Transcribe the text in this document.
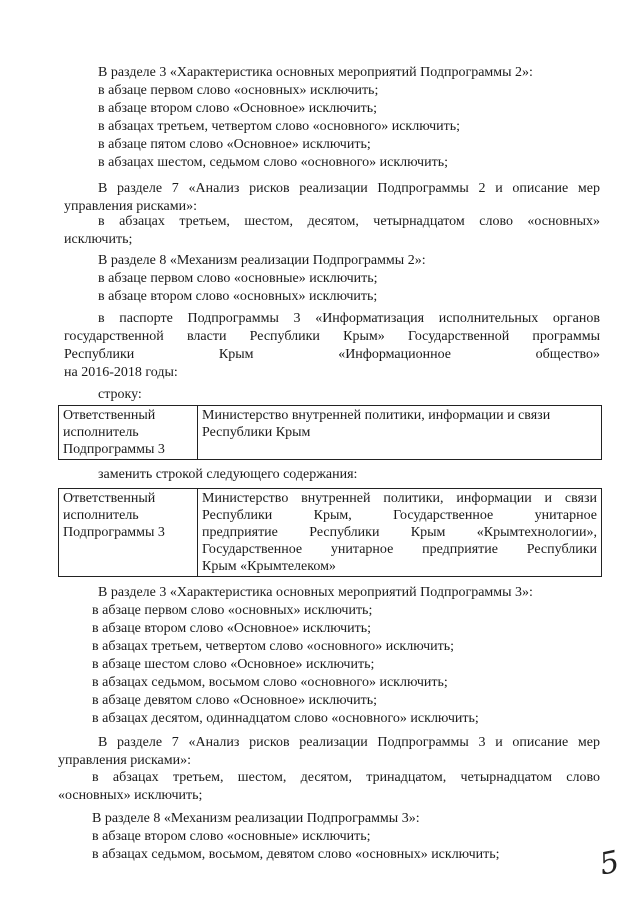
В разделе 3 «Характеристика основных мероприятий Подпрограммы 2»:
в абзаце первом слово «основных» исключить;
в абзаце втором слово «Основное» исключить;
в абзацах третьем, четвертом слово «основного» исключить;
в абзаце пятом слово «Основное» исключить;
в абзацах шестом, седьмом слово «основного» исключить;
В разделе 7 «Анализ рисков реализации Подпрограммы 2 и описание мер
управления рисками»:
в абзацах третьем, шестом, десятом, четырнадцатом слово «основных»
исключить;
В разделе 8 «Механизм реализации Подпрограммы 2»:
в абзаце первом слово «основные» исключить;
в абзаце втором слово «основных» исключить;
в паспорте Подпрограммы 3 «Информатизация исполнительных органов
государственной власти Республики Крым» Государственной программы
Республики Крым «Информационное общество»
на 2016-2018 годы:
строку:
Ответственный
исполнитель
Подпрограммы 3

Министерство внутренней политики, информации и связи
Республики Крым
заменить строкой следующего содержания:
Ответственный
исполнитель
Подпрограммы 3

Министерство внутренней политики, информации и связи
Республики Крым, Государственное унитарное
предприятие Республики Крым «Крымтехнологии»,
Государственное унитарное предприятие Республики
Крым «Крымтелеком»
В разделе 3 «Характеристика основных мероприятий Подпрограммы 3»:
в абзаце первом слово «основных» исключить;
в абзаце втором слово «Основное» исключить;
в абзацах третьем, четвертом слово «основного» исключить;
в абзаце шестом слово «Основное» исключить;
в абзацах седьмом, восьмом слово «основного» исключить;
в абзаце девятом слово «Основное» исключить;
в абзацах десятом, одиннадцатом слово «основного» исключить;
В разделе 7 «Анализ рисков реализации Подпрограммы 3 и описание мер
управления рисками»:
в абзацах третьем, шестом, десятом, тринадцатом, четырнадцатом слово
«основных» исключить;
В разделе 8 «Механизм реализации Подпрограммы 3»:
в абзаце втором слово «основные» исключить;
в абзацах седьмом, восьмом, девятом слово «основных» исключить;	5
